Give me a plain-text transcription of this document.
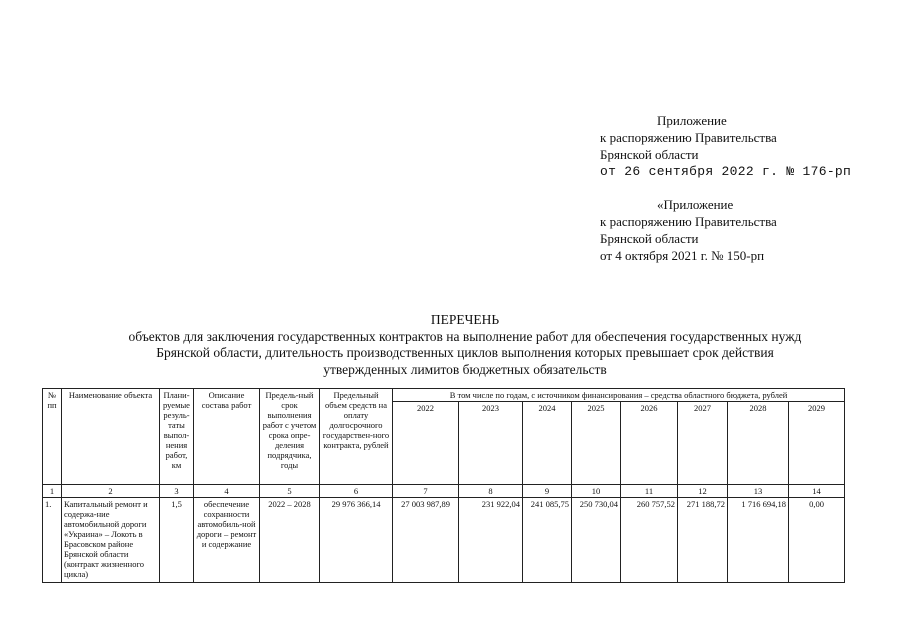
Приложение
к распоряжению Правительства
Брянской области
от 26 сентября 2022 г. № 176-рп
«Приложение
к распоряжению Правительства
Брянской области
от 4 октября 2021 г. № 150-рп
ПЕРЕЧЕНЬ
объектов для заключения государственных контрактов на выполнение работ для обеспечения государственных нужд
Брянской области, длительность производственных циклов выполнения которых превышает срок действия
утвержденных лимитов бюджетных обязательств
№ пп	Наименование объекта	Плани-руемые резуль-таты выпол-нения работ, км	Описание состава работ	Предель-ный срок выполнения работ с учетом срока опре-деления подрядчика, годы	Предельный объем средств на оплату долгосрочного государствен-ного контракта, рублей	В том числе по годам, с источником финансирования – средства областного бюджета, рублей							
						2022	2023	2024	2025	2026	2027	2028	2029
1	2	3	4	5	6	7	8	9	10	11	12	13	14
1.	Капитальный ремонт и содержа-ние автомобильной дороги «Украина» – Локоть в Брасовском районе Брянской области (контракт жизненного цикла)	1,5	обеспечение сохранности автомобиль-ной дороги – ремонт и содержание	2022 – 2028	29 976 366,14	27 003 987,89	231 922,04	241 085,75	250 730,04	260 757,52	271 188,72	1 716 694,18	0,00
